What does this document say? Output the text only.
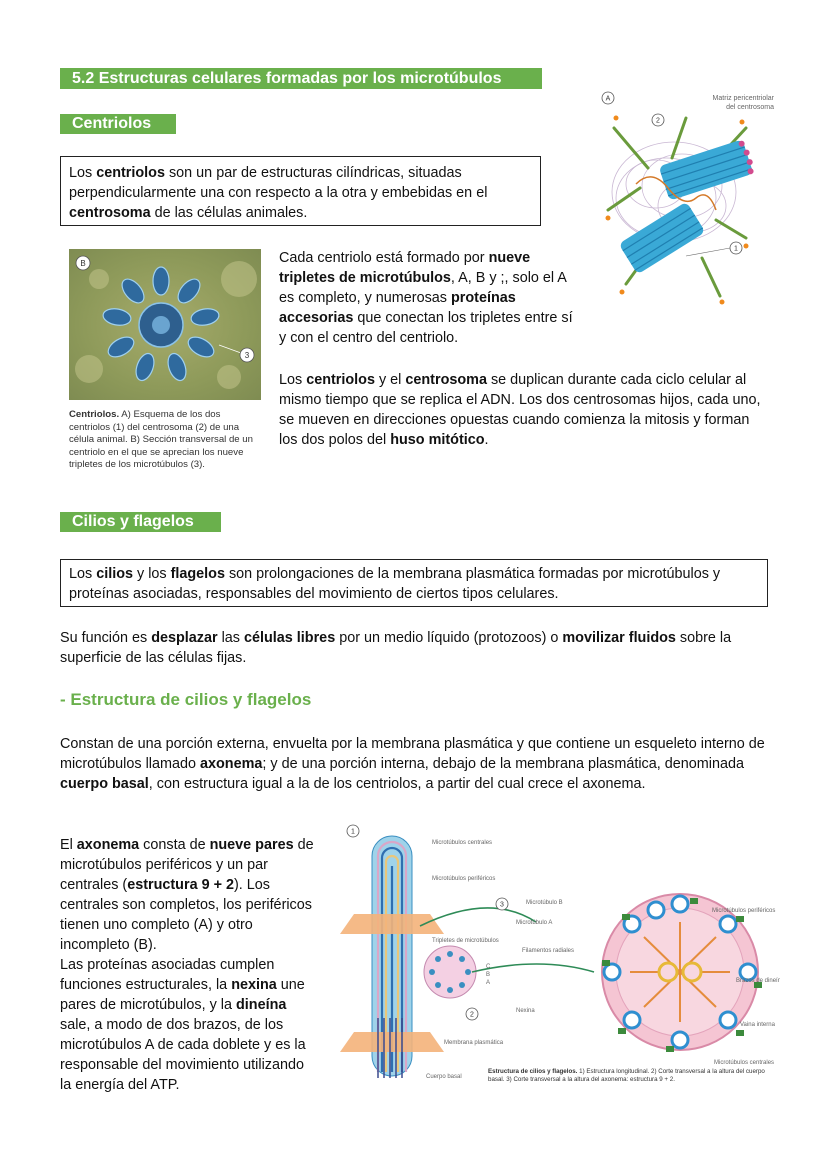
5.2 Estructuras celulares formadas por los microtúbulos
Centriolos
Los centriolos son un par de estructuras cilíndricas, situadas perpendicularmente una con respecto a la otra y embebidas en el centrosoma de las células animales.
A
2
1
Matriz pericentriolar del centrosoma
B
3
Centriolos. A) Esquema de los dos centriolos (1) del centrosoma (2) de una célula animal. B) Sección transversal de un centriolo en el que se aprecian los nueve tripletes de los microtúbulos (3).
Cada centriolo está formado por nueve tripletes de microtúbulos, A, B y ;, solo el A es completo, y numerosas proteínas accesorias que conectan los tripletes entre sí y con el centro del centriolo.
Los centriolos y el centrosoma se duplican durante cada ciclo celular al mismo tiempo que se replica el ADN. Los dos centrosomas hijos, cada uno, se mueven en direcciones opuestas cuando comienza la mitosis y forman los dos polos del huso mitótico.
Cilios y flagelos
Los cilios y los flagelos son prolongaciones de la membrana plasmática formadas por microtúbulos y proteínas asociadas, responsables del movimiento de ciertos tipos celulares.
Su función es desplazar las células libres por un medio líquido (protozoos) o movilizar fluidos sobre la superficie de las células fijas.
- Estructura de cilios y flagelos
Constan de una porción externa, envuelta por la membrana plasmática y que contiene un esqueleto interno de microtúbulos llamado axonema; y de una porción interna, debajo de la membrana plasmática, denominada cuerpo basal, con estructura igual a la de los centriolos, a partir del cual crece el axonema.
El axonema consta de nueve pares de microtúbulos periféricos y un par centrales (estructura 9 + 2). Los centrales son completos, los periféricos tienen uno completo (A) y otro incompleto (B).
Las proteínas asociadas cumplen funciones estructurales, la nexina une pares de microtúbulos, y la dineína sale, a modo de dos brazos, de los microtúbulos A de cada doblete y es la responsable del movimiento utilizando la energía del ATP.
1
2
3
Microtúbulos centrales
Microtúbulos periféricos
Tripletes de microtúbulos
C
B
A
Membrana plasmática
Cuerpo basal
Microtúbulo B
Microtúbulo A
Filamentos radiales
Nexina
Microtúbulos periféricos
Brazos de dineína
Vaina interna
Microtúbulos centrales
Estructura de cilios y flagelos. 1) Estructura longitudinal. 2) Corte transversal a la altura del cuerpo basal. 3) Corte transversal a la altura del axonema: estructura 9 + 2.
